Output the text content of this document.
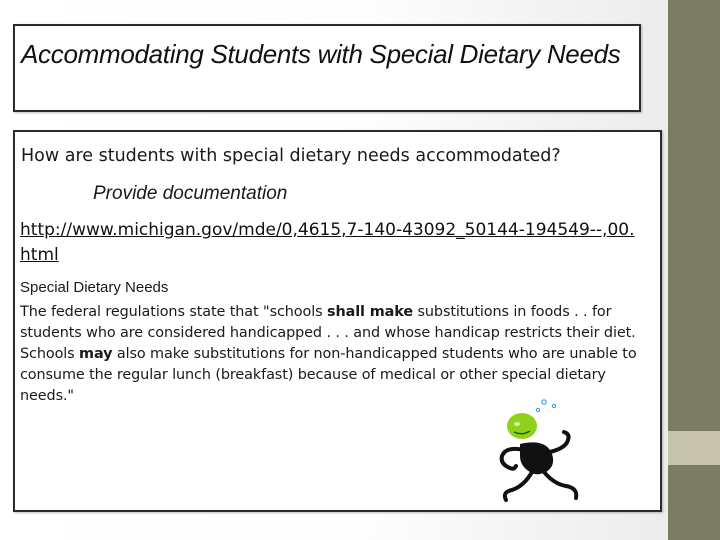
Accommodating Students with Special Dietary Needs

How are students with special dietary needs accommodated?

Provide documentation

http://www.michigan.gov/mde/0,4615,7-140-43092_50144-194549--,00.html
Special Dietary Needs

The federal regulations state that "schools shall make substitutions in foods . . for students who are considered handicapped . . . and whose handicap restricts their diet. Schools may also make substitutions for non-handicapped students who are unable to consume the regular lunch (breakfast) because of medical or other special dietary needs."
